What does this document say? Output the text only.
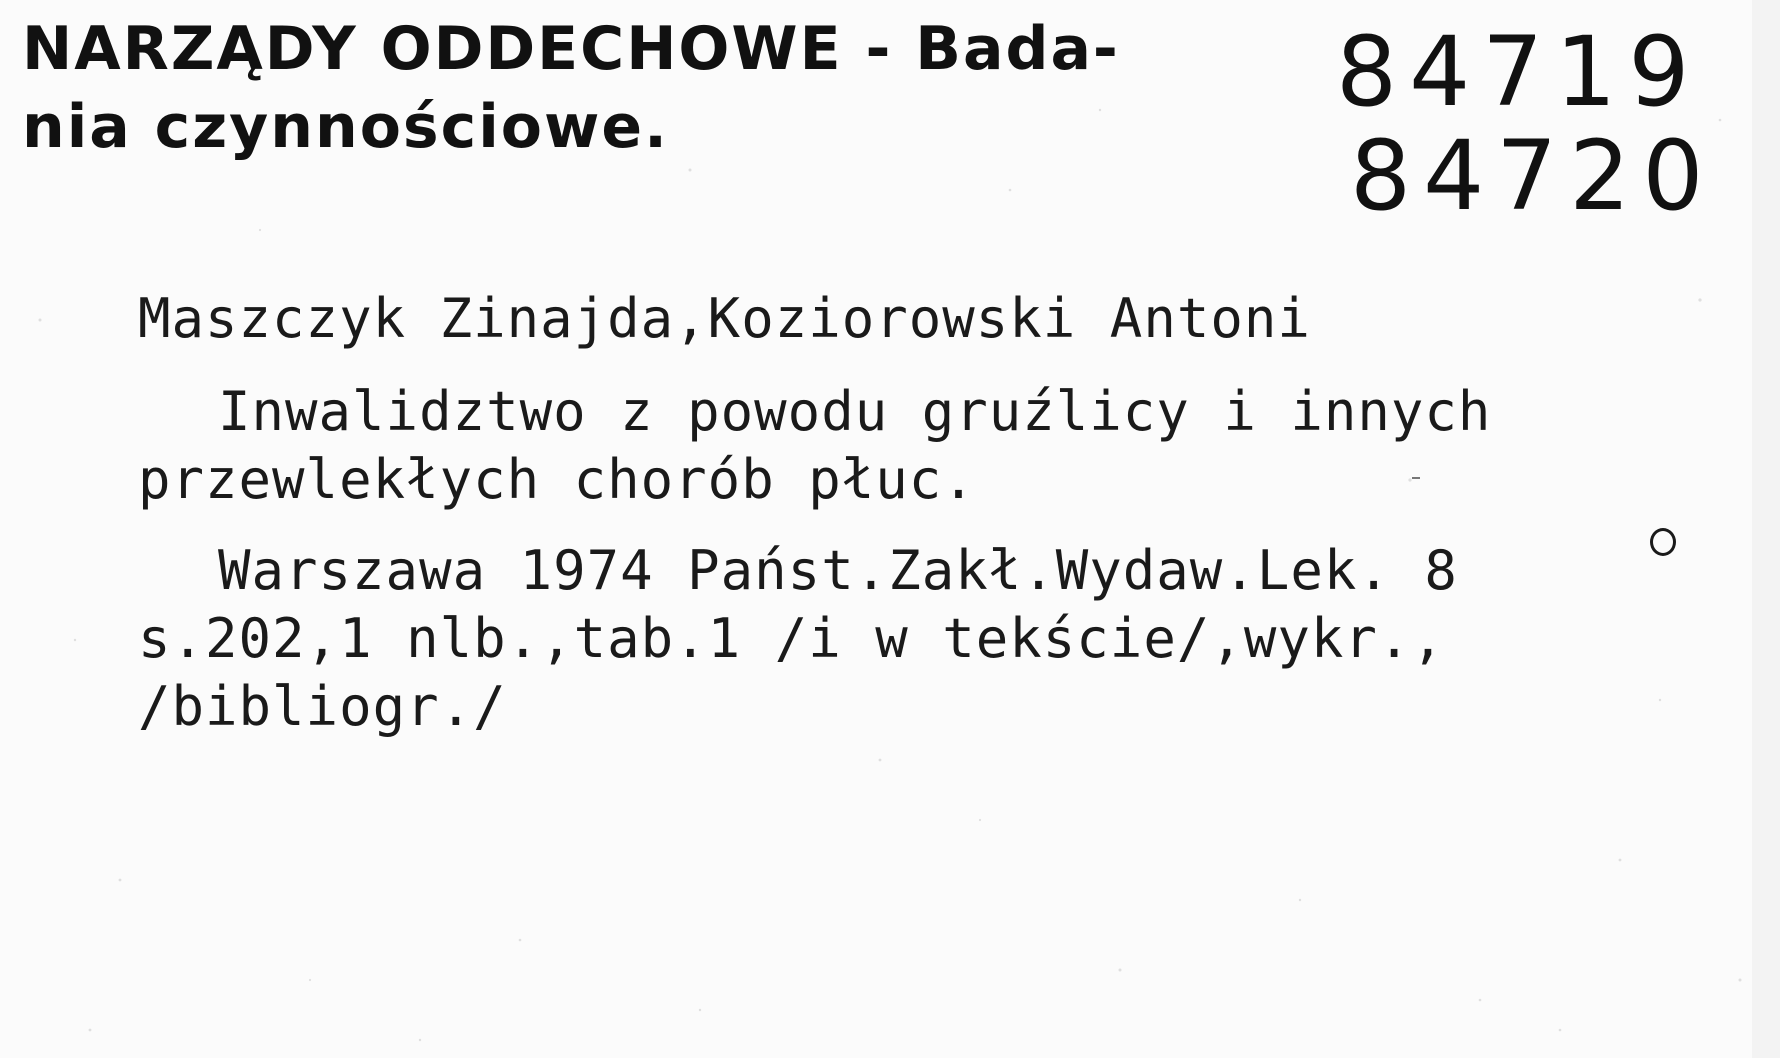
NARZĄDY ODDECHOWE - Bada-
nia czynnościowe.	84719
84720
Maszczyk Zinajda,Koziorowski Antoni
Inwalidztwo z powodu gruźlicy i innych
przewlekłych chorób płuc.
Warszawa 1974 Państ.Zakł.Wydaw.Lek. 8
s.202,1 nlb.,tab.1 /i w tekście/,wykr.,
/bibliogr./
